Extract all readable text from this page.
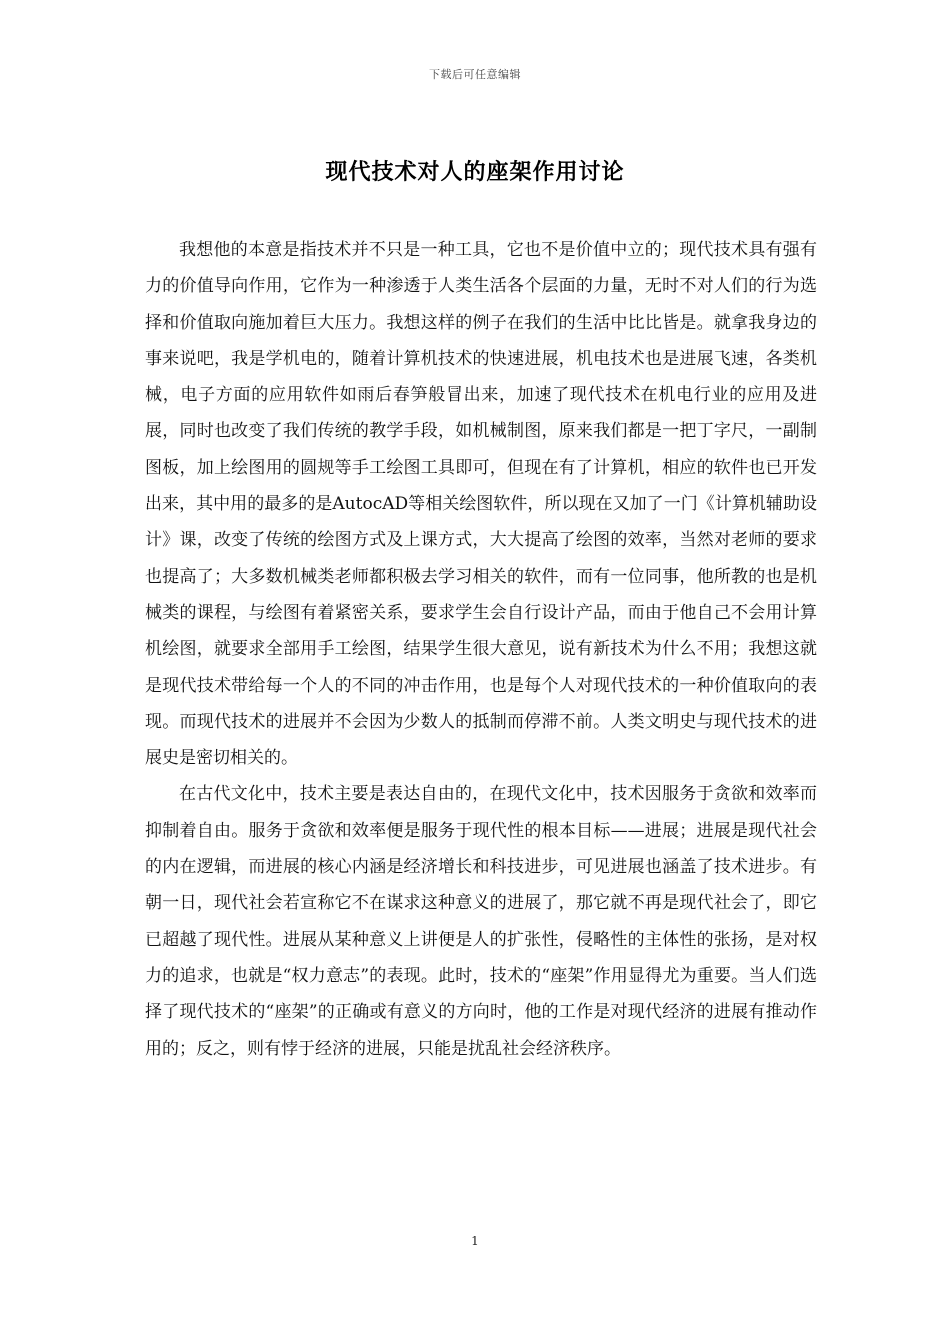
下载后可任意编辑
现代技术对人的座架作用讨论

我想他的本意是指技术并不只是一种工具，它也不是价值中立的；现代技术具有强有力的价值导向作用，它作为一种渗透于人类生活各个层面的力量，无时不对人们的行为选择和价值取向施加着巨大压力。我想这样的例子在我们的生活中比比皆是。就拿我身边的事来说吧，我是学机电的，随着计算机技术的快速进展，机电技术也是进展飞速，各类机械，电子方面的应用软件如雨后春笋般冒出来，加速了现代技术在机电行业的应用及进展，同时也改变了我们传统的教学手段，如机械制图，原来我们都是一把丁字尺，一副制图板，加上绘图用的圆规等手工绘图工具即可，但现在有了计算机，相应的软件也已开发出来，其中用的最多的是AutocAD等相关绘图软件，所以现在又加了一门《计算机辅助设计》课，改变了传统的绘图方式及上课方式，大大提高了绘图的效率，当然对老师的要求也提高了；大多数机械类老师都积极去学习相关的软件，而有一位同事，他所教的也是机械类的课程，与绘图有着紧密关系，要求学生会自行设计产品，而由于他自己不会用计算机绘图，就要求全部用手工绘图，结果学生很大意见，说有新技术为什么不用；我想这就是现代技术带给每一个人的不同的冲击作用，也是每个人对现代技术的一种价值取向的表现。而现代技术的进展并不会因为少数人的抵制而停滞不前。人类文明史与现代技术的进展史是密切相关的。

在古代文化中，技术主要是表达自由的，在现代文化中，技术因服务于贪欲和效率而抑制着自由。服务于贪欲和效率便是服务于现代性的根本目标——进展；进展是现代社会的内在逻辑，而进展的核心内涵是经济增长和科技进步，可见进展也涵盖了技术进步。有朝一日，现代社会若宣称它不在谋求这种意义的进展了，那它就不再是现代社会了，即它已超越了现代性。进展从某种意义上讲便是人的扩张性，侵略性的主体性的张扬，是对权力的追求，也就是“权力意志”的表现。此时，技术的“座架”作用显得尤为重要。当人们选择了现代技术的“座架”的正确或有意义的方向时，他的工作是对现代经济的进展有推动作用的；反之，则有悖于经济的进展，只能是扰乱社会经济秩序。

1
